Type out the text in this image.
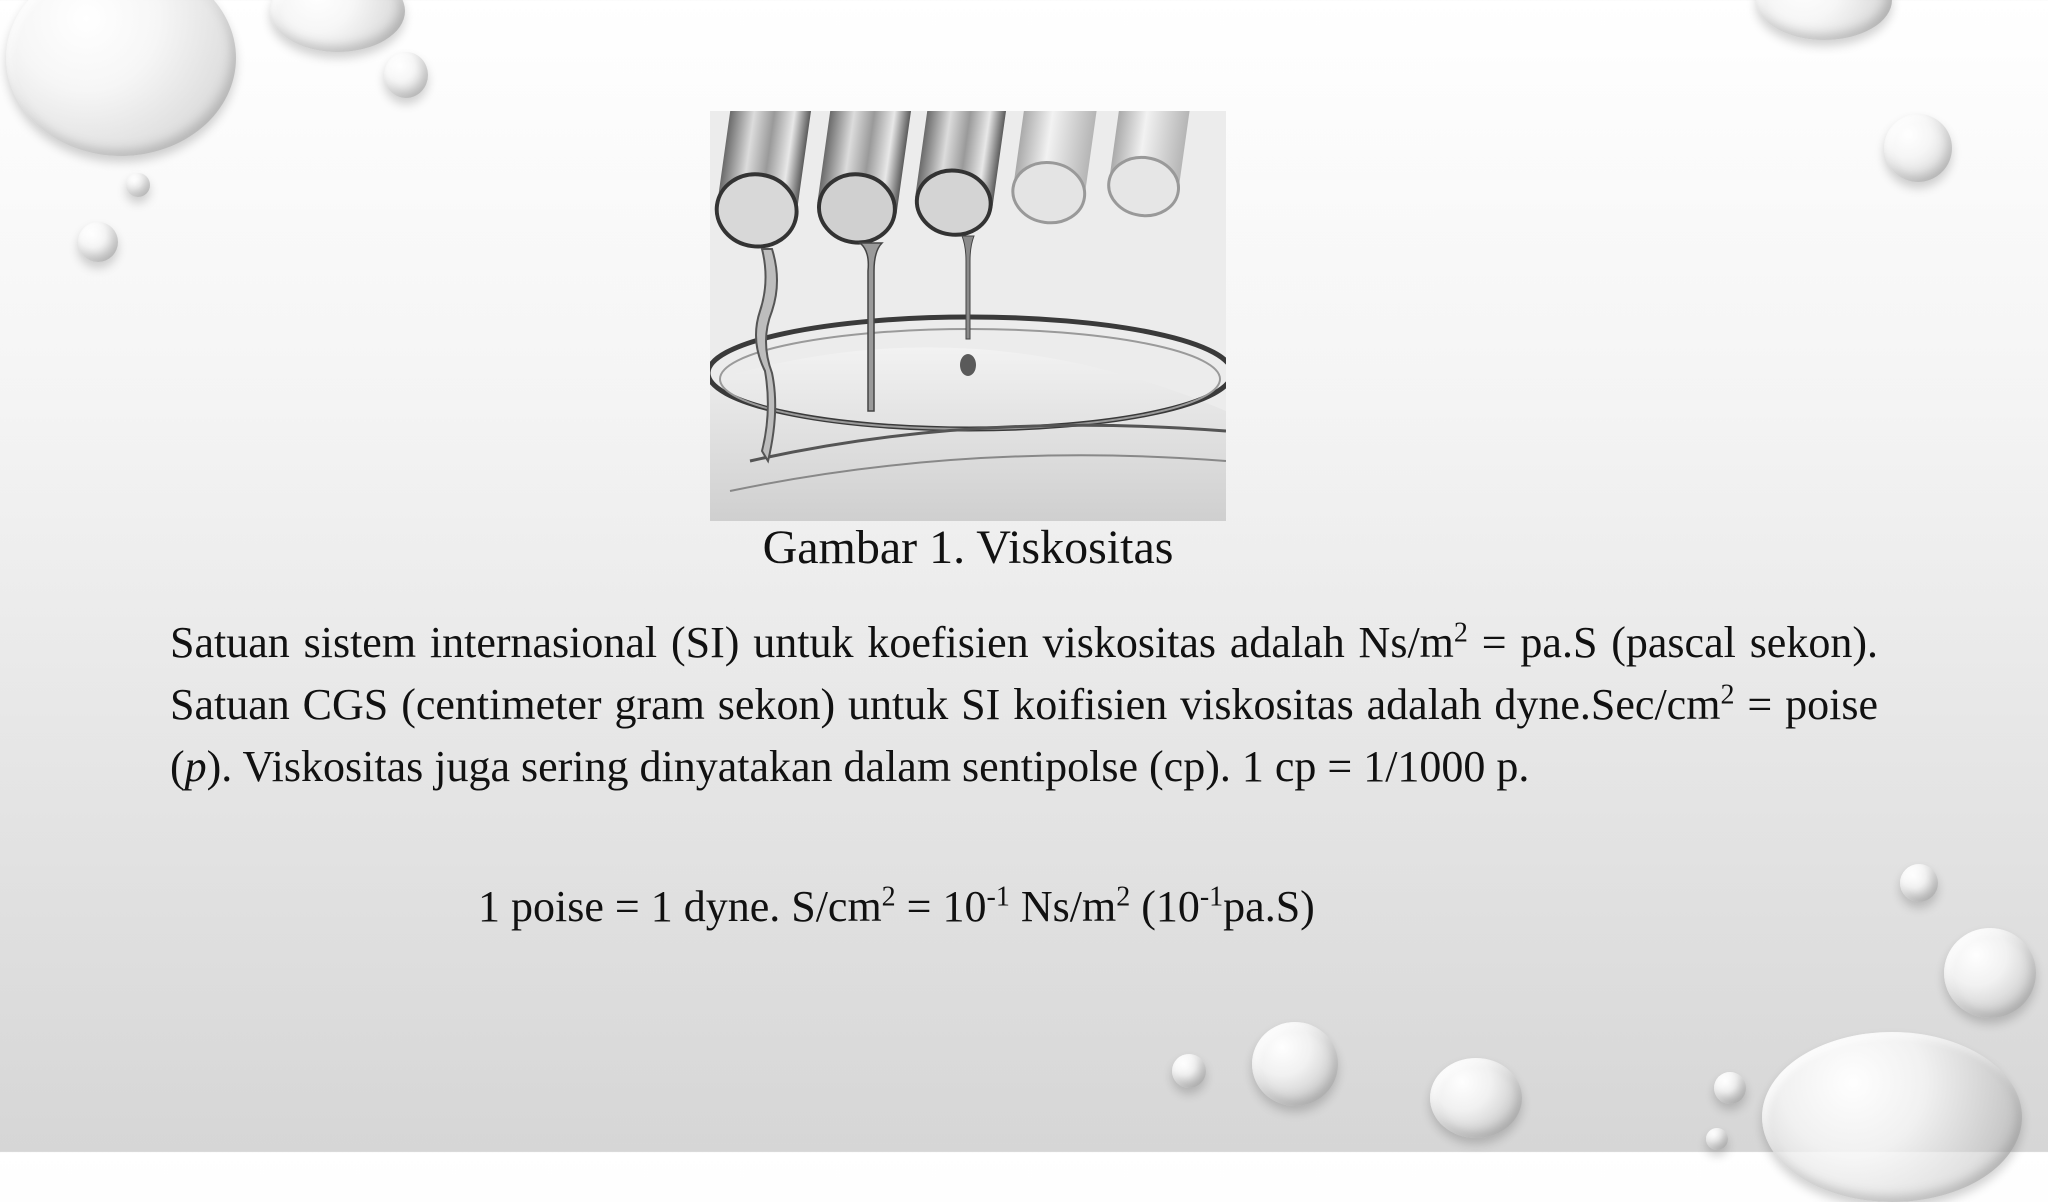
Gambar 1. Viskositas

Satuan sistem internasional (SI) untuk koefisien viskositas adalah $Ns/m^2 = pa.S$ (pascal sekon). Satuan CGS (centimeter gram sekon) untuk SI koifisien viskositas adalah $dyne.Sec/cm^2$ = poise (p). Viskositas juga sering dinyatakan dalam sentipolse (cp). 1 cp = 1/1000 p.

1 poise = 1 dyne. $S/cm^2 = 10^{-1}$ $Ns/m^2$ $(10^{-1}pa.S)$
